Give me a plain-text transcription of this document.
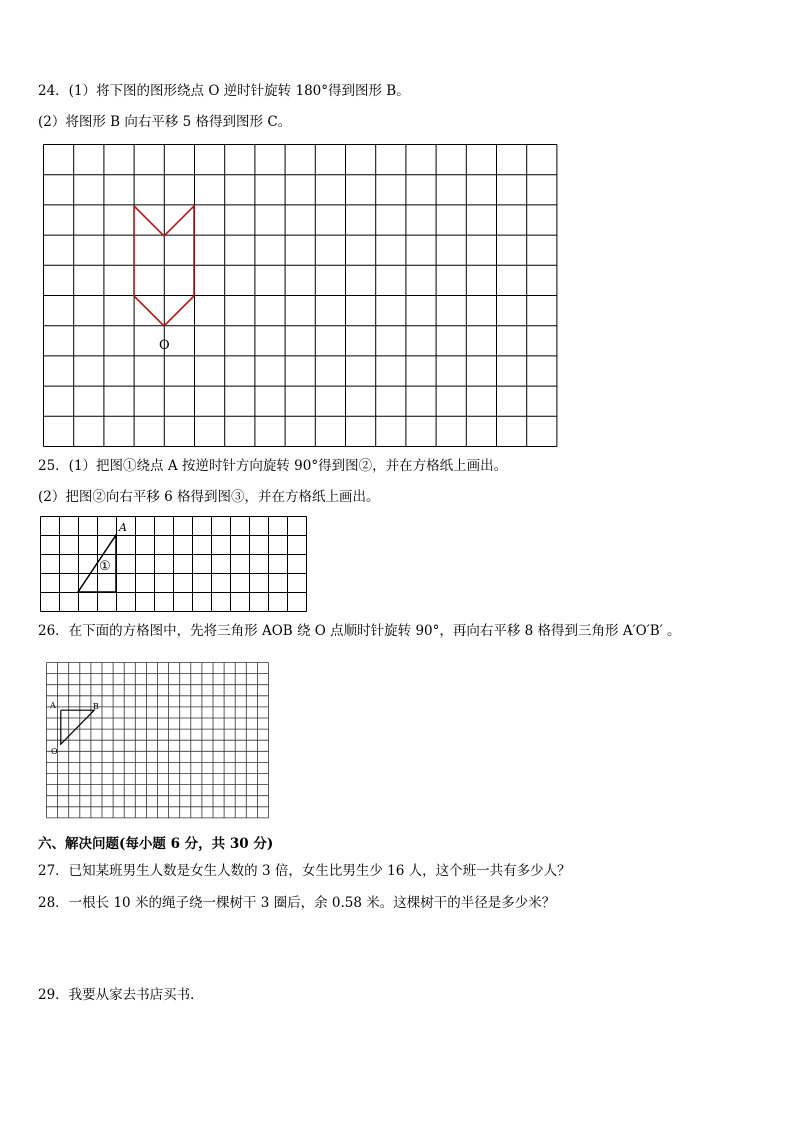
24．(1）将下图的图形绕点 O 逆时针旋转 180°得到图形 B。
(2）将图形 B 向右平移 5 格得到图形 C。
O
25．(1）把图①绕点 A 按逆时针方向旋转 90°得到图②，并在方格纸上画出。
(2）把图②向右平移 6 格得到图③，并在方格纸上画出。
A
①
26．在下面的方格图中，先将三角形 AOB 绕 O 点顺时针旋转 90°，再向右平移 8 格得到三角形 A′O′B′ 。
A	B
O
六、解决问题(每小题 6 分，共 30 分)
27．已知某班男生人数是女生人数的 3 倍，女生比男生少 16 人，这个班一共有多少人？
28．一根长 10 米的绳子绕一棵树干 3 圈后，余 0.58 米。这棵树干的半径是多少米？
29．我要从家去书店买书．
